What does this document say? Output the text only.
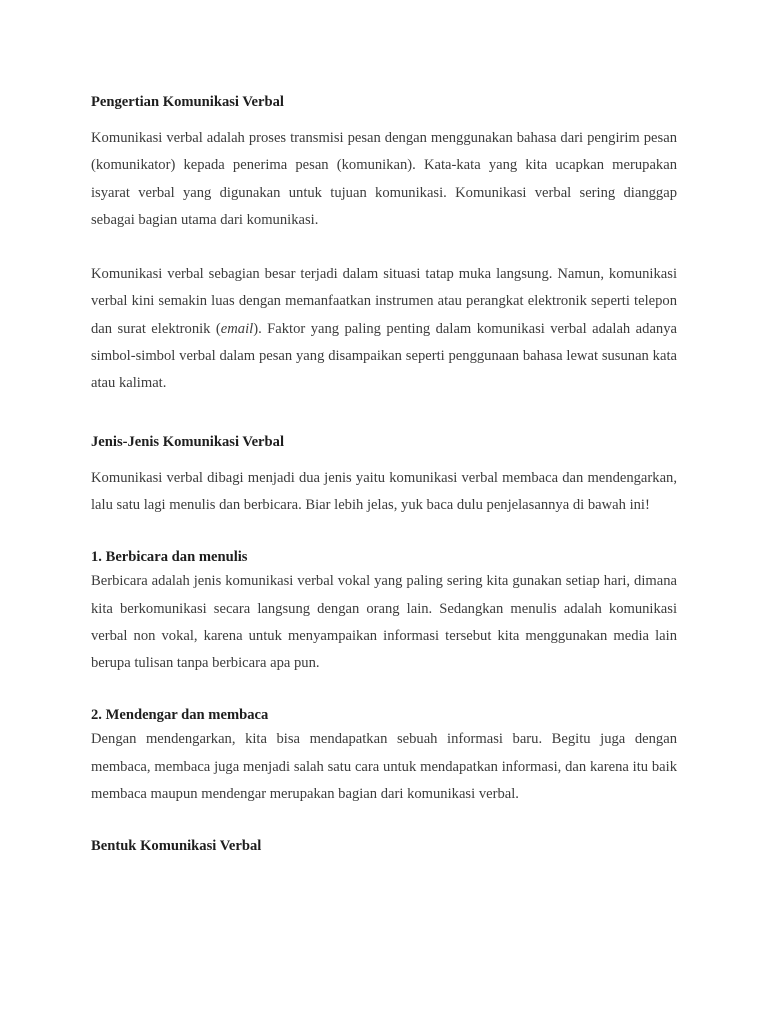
Pengertian Komunikasi Verbal

Komunikasi verbal adalah proses transmisi pesan dengan menggunakan bahasa dari pengirim pesan (komunikator) kepada penerima pesan (komunikan). Kata-kata yang kita ucapkan merupakan isyarat verbal yang digunakan untuk tujuan komunikasi. Komunikasi verbal sering dianggap sebagai bagian utama dari komunikasi.

Komunikasi verbal sebagian besar terjadi dalam situasi tatap muka langsung. Namun, komunikasi verbal kini semakin luas dengan memanfaatkan instrumen atau perangkat elektronik seperti telepon dan surat elektronik (email). Faktor yang paling penting dalam komunikasi verbal adalah adanya simbol-simbol verbal dalam pesan yang disampaikan seperti penggunaan bahasa lewat susunan kata atau kalimat.

Jenis-Jenis Komunikasi Verbal

Komunikasi verbal dibagi menjadi dua jenis yaitu komunikasi verbal membaca dan mendengarkan, lalu satu lagi menulis dan berbicara. Biar lebih jelas, yuk baca dulu penjelasannya di bawah ini!

1. Berbicara dan menulis

Berbicara adalah jenis komunikasi verbal vokal yang paling sering kita gunakan setiap hari, dimana kita berkomunikasi secara langsung dengan orang lain. Sedangkan menulis adalah komunikasi verbal non vokal, karena untuk menyampaikan informasi tersebut kita menggunakan media lain berupa tulisan tanpa berbicara apa pun.

2. Mendengar dan membaca

Dengan mendengarkan, kita bisa mendapatkan sebuah informasi baru. Begitu juga dengan membaca, membaca juga menjadi salah satu cara untuk mendapatkan informasi, dan karena itu baik membaca maupun mendengar merupakan bagian dari komunikasi verbal.

Bentuk Komunikasi Verbal
